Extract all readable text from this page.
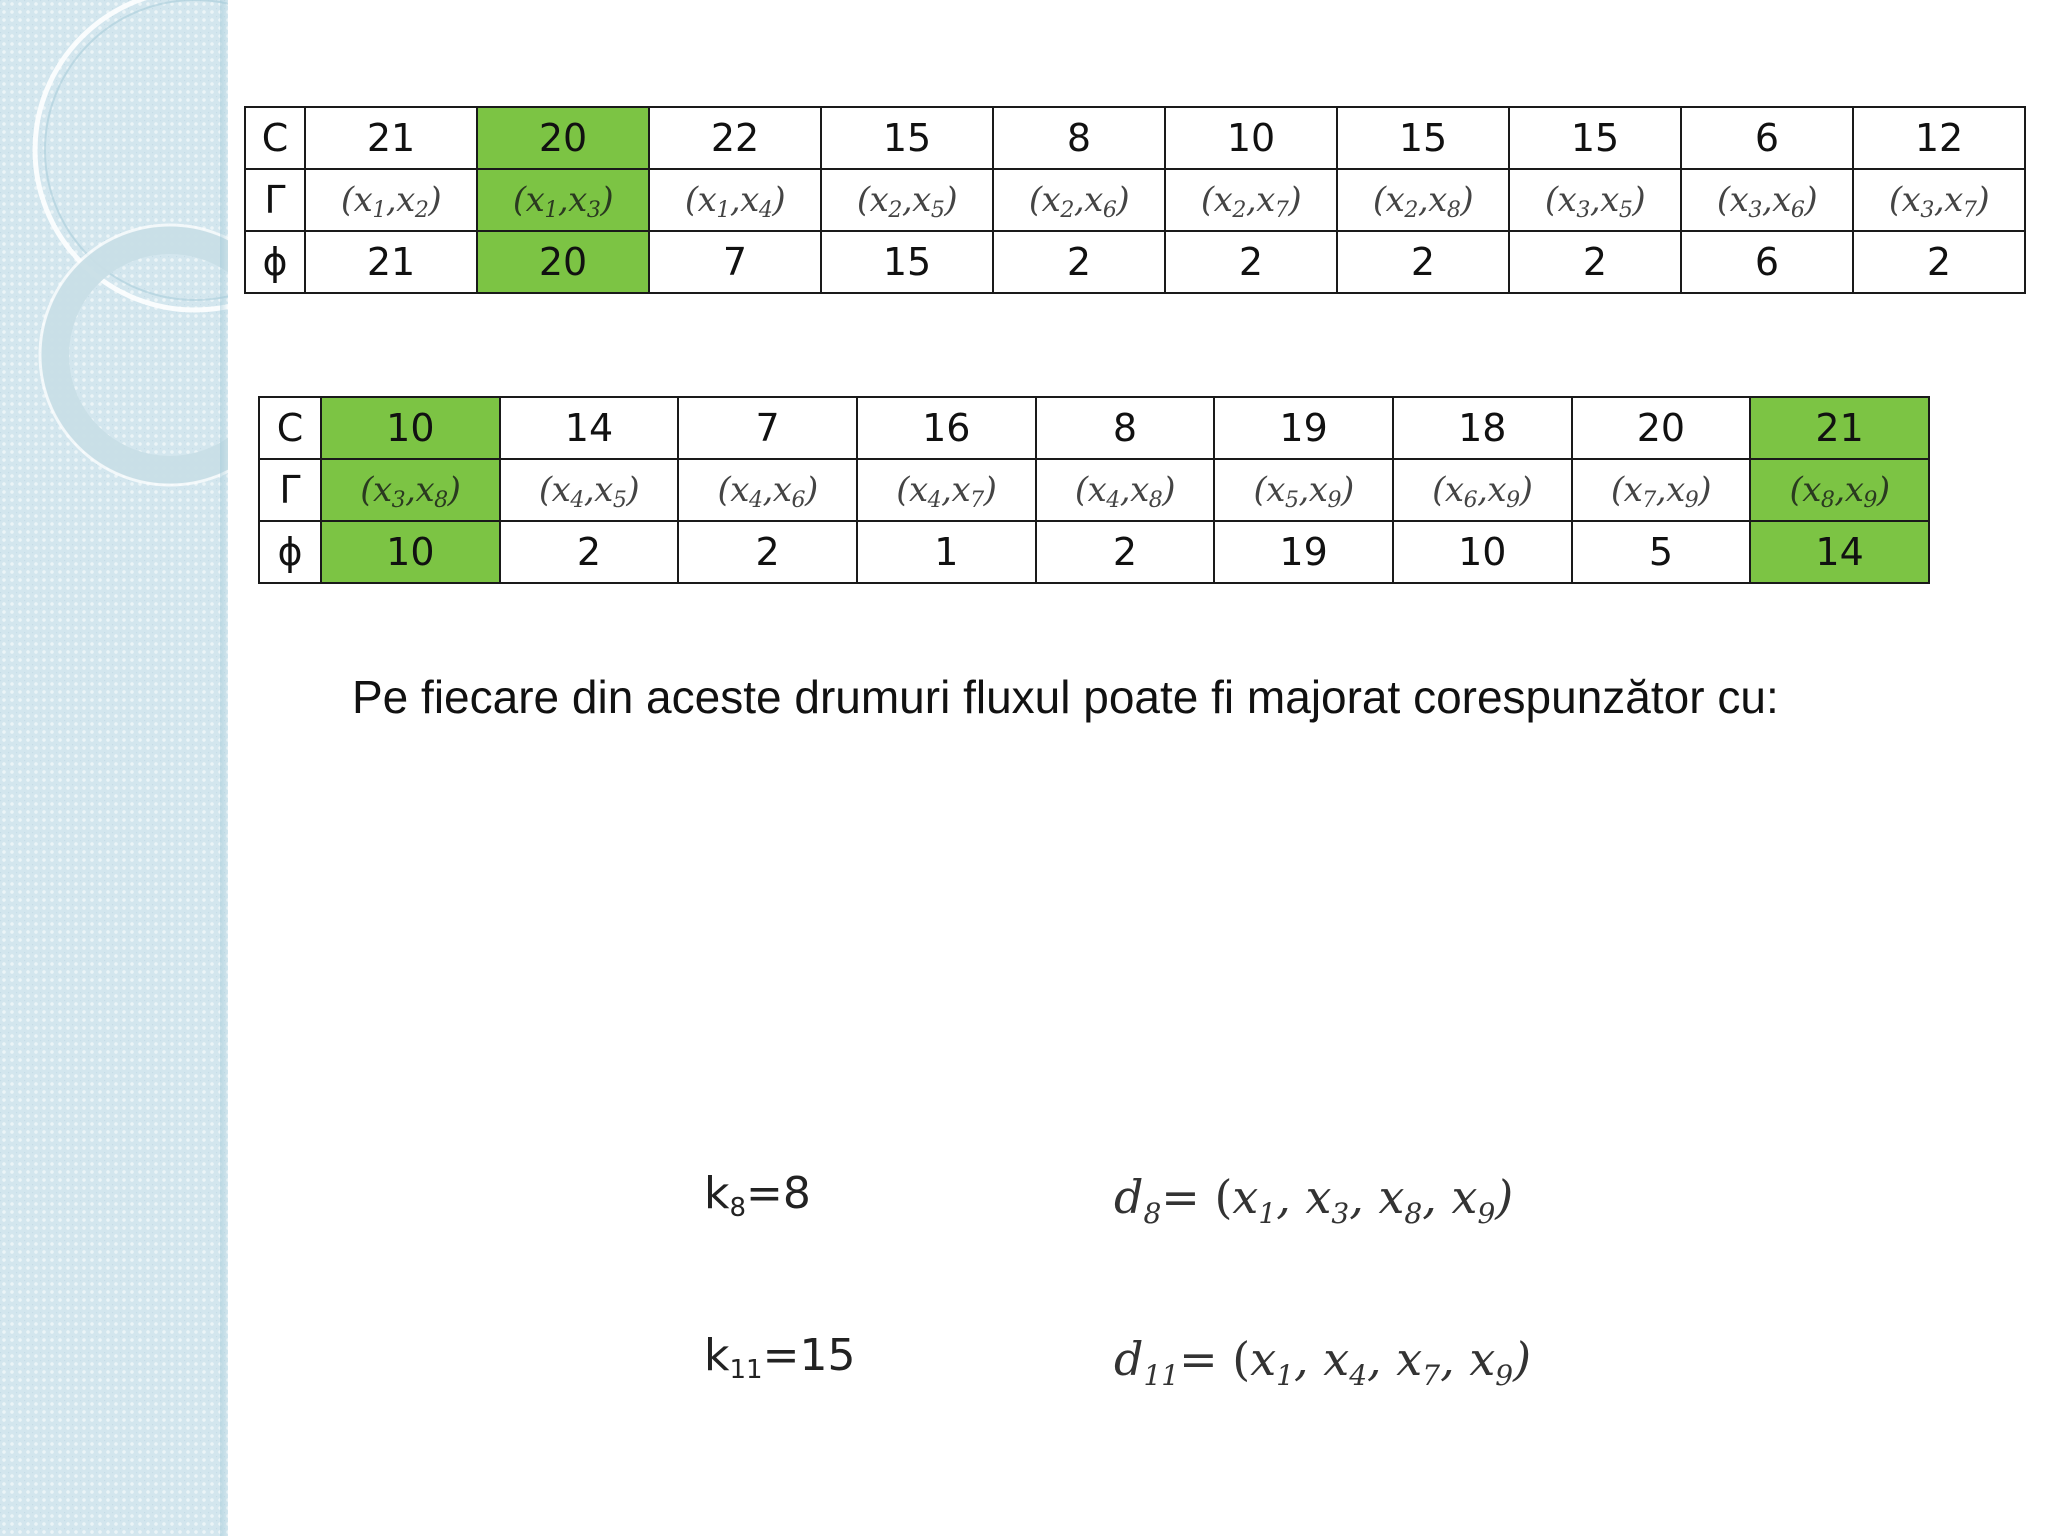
C	21	20	22	15	8	10	15	15	6	12
Γ	$(x_1,x_2)$	$(x_1,x_3)$	$(x_1,x_4)$	$(x_2,x_5)$	$(x_2,x_6)$	$(x_2,x_7)$	$(x_2,x_8)$	$(x_3,x_5)$	$(x_3,x_6)$	$(x_3,x_7)$
ϕ	21	20	7	15	2	2	2	2	6	2
C	10	14	7	16	8	19	18	20	21
Γ	$(x_3,x_8)$	$(x_4,x_5)$	$(x_4,x_6)$	$(x_4,x_7)$	$(x_4,x_8)$	$(x_5,x_9)$	$(x_6,x_9)$	$(x_7,x_9)$	$(x_8,x_9)$
ϕ	10	2	2	1	2	19	10	5	14
Pe fiecare din aceste drumuri fluxul poate fi majorat corespunzător cu:
$k_8=8$	$d_8= (x_1$, $x_3$, $x_8$, $x_9$)
$k_{11}=15$	$d_{11}= (x_1$, $x_4$, $x_7$, $x_9$)
